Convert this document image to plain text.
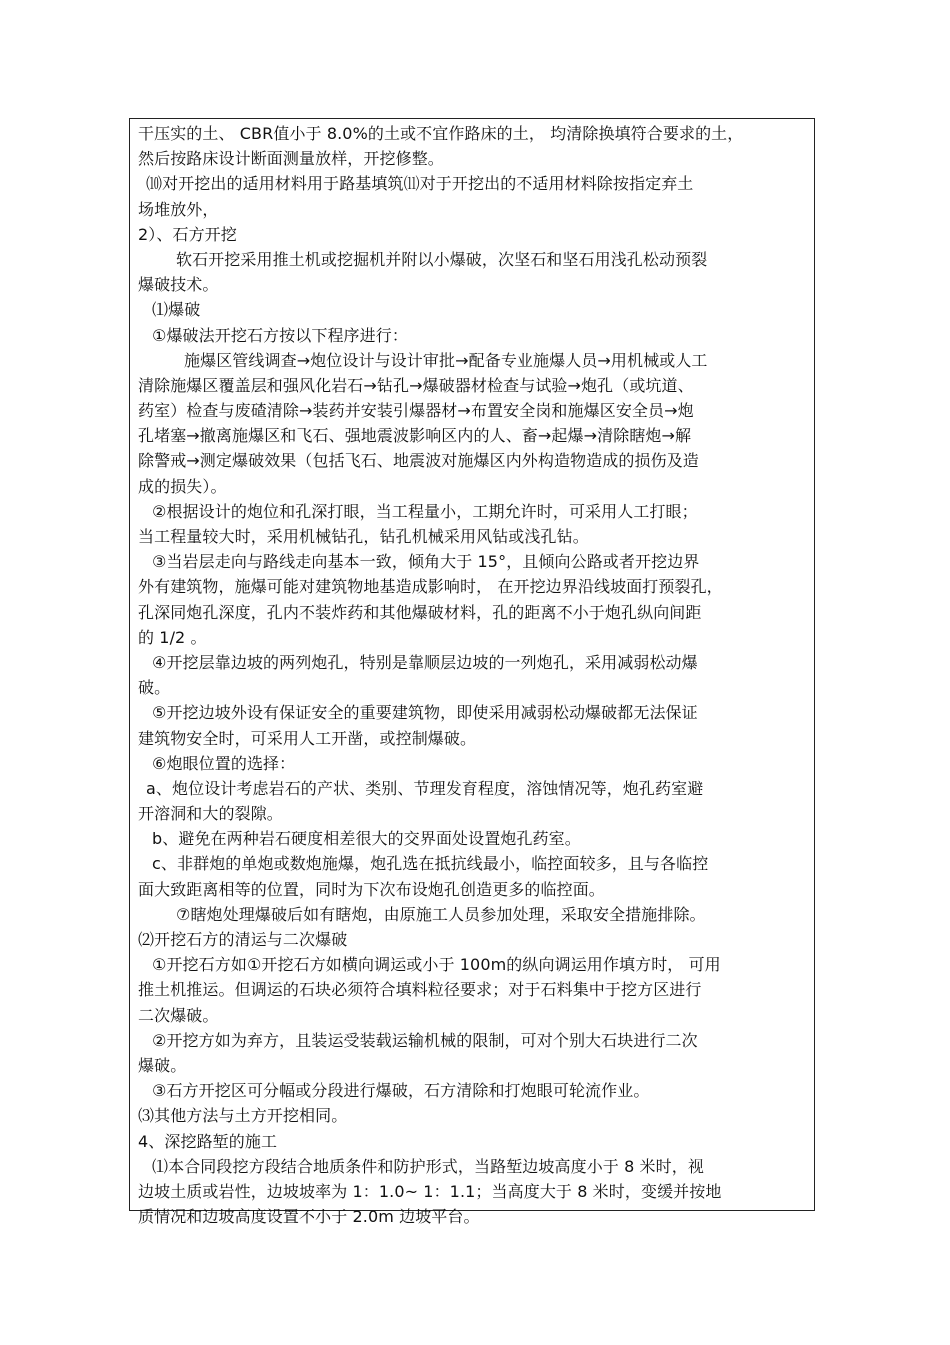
干压实的土、 CBR值小于 8.0%的土或不宜作路床的土， 均清除换填符合要求的土，
然后按路床设计断面测量放样，开挖修整。
⑽对开挖出的适用材料用于路基填筑⑾对于开挖出的不适用材料除按指定弃土
场堆放外，
2）、石方开挖
软石开挖采用推土机或挖掘机并附以小爆破，次坚石和坚石用浅孔松动预裂
爆破技术。
⑴爆破
①爆破法开挖石方按以下程序进行：
施爆区管线调查→炮位设计与设计审批→配备专业施爆人员→用机械或人工
清除施爆区覆盖层和强风化岩石→钻孔→爆破器材检查与试验→炮孔（或坑道、
药室）检查与废碴清除→装药并安装引爆器材→布置安全岗和施爆区安全员→炮
孔堵塞→撤离施爆区和飞石、强地震波影响区内的人、畜→起爆→清除瞎炮→解
除警戒→测定爆破效果（包括飞石、地震波对施爆区内外构造物造成的损伤及造
成的损失）。
②根据设计的炮位和孔深打眼，当工程量小，工期允许时，可采用人工打眼；
当工程量较大时，采用机械钻孔，钻孔机械采用风钻或浅孔钻。
③当岩层走向与路线走向基本一致，倾角大于 15°，且倾向公路或者开挖边界
外有建筑物，施爆可能对建筑物地基造成影响时， 在开挖边界沿线坡面打预裂孔，
孔深同炮孔深度，孔内不装炸药和其他爆破材料，孔的距离不小于炮孔纵向间距
的 1/2 。
④开挖层靠边坡的两列炮孔，特别是靠顺层边坡的一列炮孔，采用减弱松动爆
破。
⑤开挖边坡外设有保证安全的重要建筑物，即使采用减弱松动爆破都无法保证
建筑物安全时，可采用人工开凿，或控制爆破。
⑥炮眼位置的选择：
a、炮位设计考虑岩石的产状、类别、节理发育程度，溶蚀情况等，炮孔药室避
开溶洞和大的裂隙。
b、避免在两种岩石硬度相差很大的交界面处设置炮孔药室。
c、非群炮的单炮或数炮施爆，炮孔选在抵抗线最小，临控面较多，且与各临控
面大致距离相等的位置，同时为下次布设炮孔创造更多的临控面。
⑦瞎炮处理爆破后如有瞎炮，由原施工人员参加处理，采取安全措施排除。
⑵开挖石方的清运与二次爆破
①开挖石方如①开挖石方如横向调运或小于 100m的纵向调运用作填方时， 可用
推土机推运。但调运的石块必须符合填料粒径要求；对于石料集中于挖方区进行
二次爆破。
②开挖方如为弃方，且装运受装载运输机械的限制，可对个别大石块进行二次
爆破。
③石方开挖区可分幅或分段进行爆破，石方清除和打炮眼可轮流作业。
⑶其他方法与土方开挖相同。
4、深挖路堑的施工
⑴本合同段挖方段结合地质条件和防护形式，当路堑边坡高度小于 8 米时，视
边坡土质或岩性，边坡坡率为 1：1.0~ 1：1.1；当高度大于 8 米时，变缓并按地
质情况和边坡高度设置不小于 2.0m 边坡平台。
